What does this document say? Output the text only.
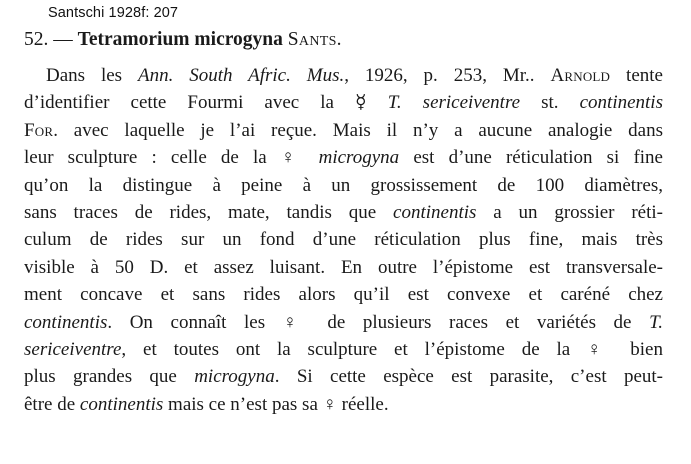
Santschi 1928f: 207
52. — Tetramorium microgyna Sants.
Dans les Ann. South Afric. Mus., 1926, p. 253, Mr.. Arnold tente
d’identifier cette Fourmi avec la ☿ T. sericeiventre st. continentis
For. avec laquelle je l’ai reçue. Mais il n’y a aucune analogie dans
leur sculpture : celle de la ♀ microgyna est d’une réticulation si fine
qu’on la distingue à peine à un grossissement de 100 diamètres,
sans traces de rides, mate, tandis que continentis a un grossier réti-
culum de rides sur un fond d’une réticulation plus fine, mais très
visible à 50 D. et assez luisant. En outre l’épistome est transversale-
ment concave et sans rides alors qu’il est convexe et caréné chez
continentis. On connaît les ♀ de plusieurs races et variétés de T.
sericeiventre, et toutes ont la sculpture et l’épistome de la ♀ bien
plus grandes que microgyna. Si cette espèce est parasite, c’est peut-
être de continentis mais ce n’est pas sa ♀ réelle.
